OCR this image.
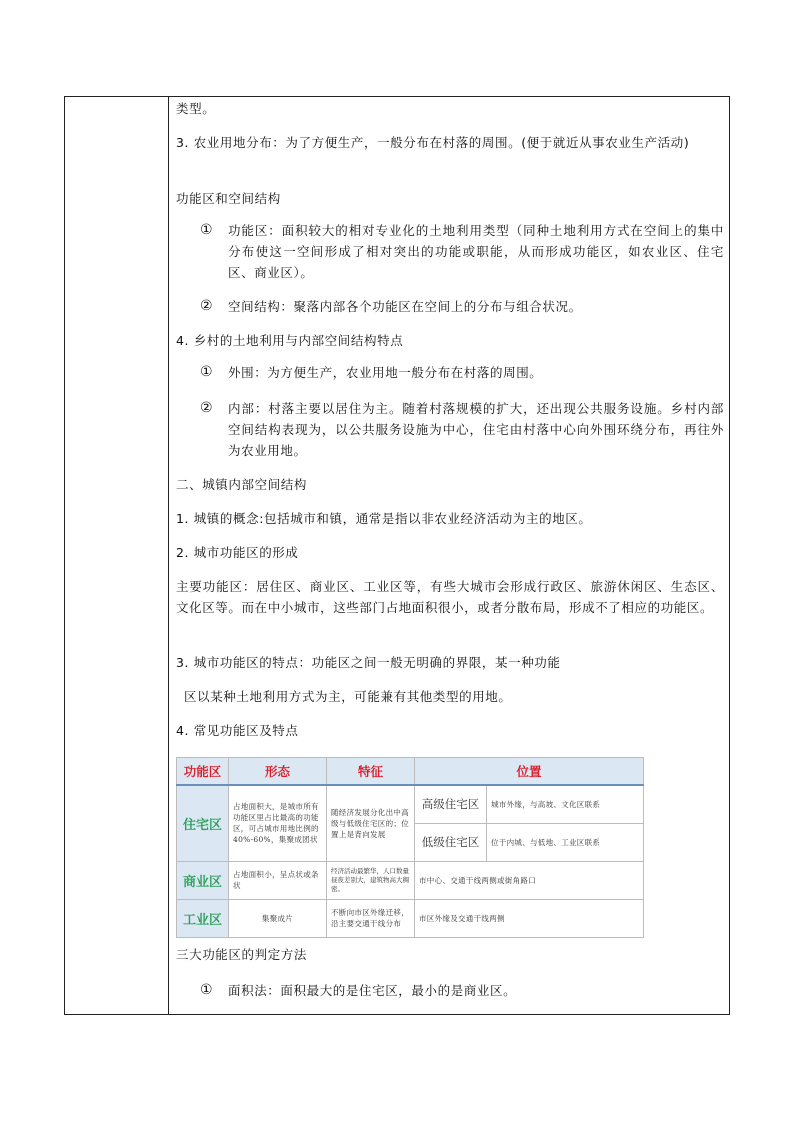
类型。
3. 农业用地分布：为了方便生产，一般分布在村落的周围。(便于就近从事农业生产活动)
功能区和空间结构
①	功能区：面积较大的相对专业化的土地利用类型（同种土地利用方式在空间上的集中分布使这一空间形成了相对突出的功能或职能，从而形成功能区，如农业区、住宅区、商业区）。
②	空间结构：聚落内部各个功能区在空间上的分布与组合状况。
4. 乡村的土地利用与内部空间结构特点
①	外围：为方便生产，农业用地一般分布在村落的周围。
②	内部：村落主要以居住为主。随着村落规模的扩大，还出现公共服务设施。乡村内部空间结构表现为，以公共服务设施为中心，住宅由村落中心向外围环绕分布，再往外为农业用地。
二、城镇内部空间结构
1. 城镇的概念:包括城市和镇，通常是指以非农业经济活动为主的地区。
2. 城市功能区的形成
主要功能区：居住区、商业区、工业区等，有些大城市会形成行政区、旅游休闲区、生态区、文化区等。而在中小城市，这些部门占地面积很小，或者分散布局，形成不了相应的功能区。
3. 城市功能区的特点：功能区之间一般无明确的界限，某一种功能
区以某种土地利用方式为主，可能兼有其他类型的用地。
4. 常见功能区及特点
三大功能区的判定方法
①	面积法：面积最大的是住宅区，最小的是商业区。
功能区	形态	特征	位置	
住宅区	占地面积大，是城市所有功能区里占比最高的功能区，可占城市用地比例的40%-60%，集聚成团状	随经济发展分化出中高级与低级住宅区的；位置上是背向发展	高级住宅区	城市外缘，与高坡、文化区联系
			低级住宅区	位于内城、与低地、工业区联系
商业区	占地面积小，呈点状或条状	经济活动最繁华，人口数量昼夜差别大，建筑物高大稠密。	市中心、交通干线两侧或街角路口	
工业区	集聚成片	不断向市区外缘迁移，沿主要交通干线分布	市区外缘及交通干线两侧	
